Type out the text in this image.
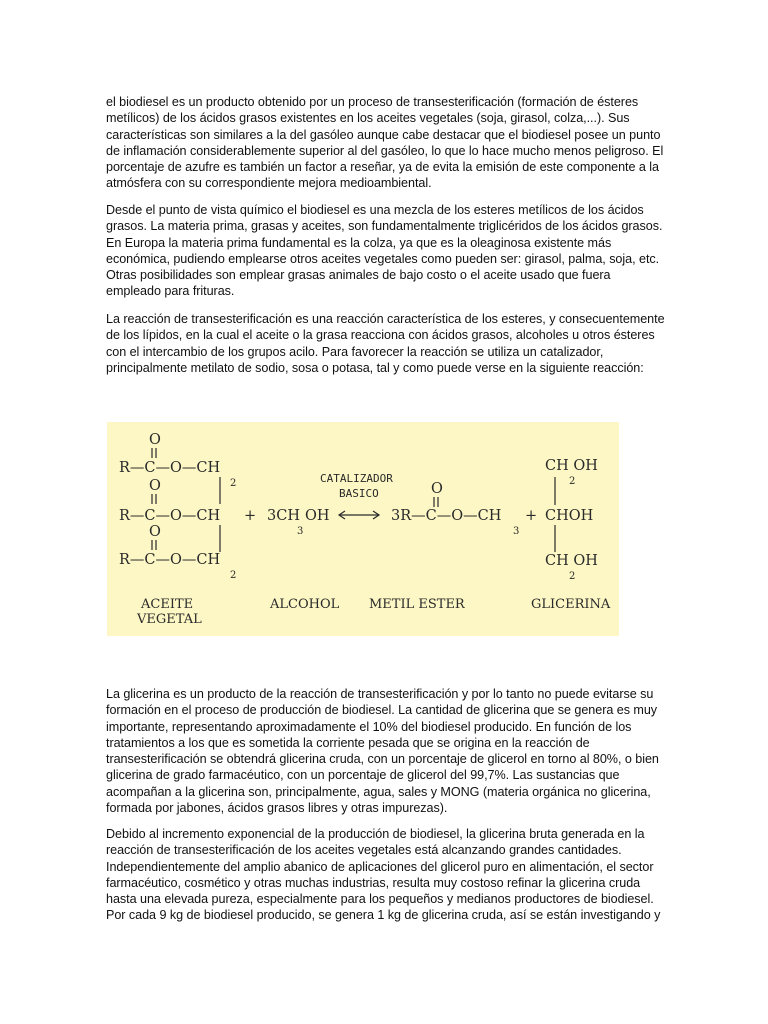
el biodiesel es un producto obtenido por un proceso de transesterificación (formación de ésteres metílicos) de los ácidos grasos existentes en los aceites vegetales (soja, girasol, colza,...). Sus características son similares a la del gasóleo aunque cabe destacar que el biodiesel posee un punto de inflamación considerablemente superior al del gasóleo, lo que lo hace mucho menos peligroso. El porcentaje de azufre es también un factor a reseñar, ya de evita la emisión de este componente a la atmósfera con su correspondiente mejora medioambiental.

Desde el punto de vista químico el biodiesel es una mezcla de los esteres metílicos de los ácidos grasos. La materia prima, grasas y aceites, son fundamentalmente triglicéridos de los ácidos grasos. En Europa la materia prima fundamental es la colza, ya que es la oleaginosa existente más económica, pudiendo emplearse otros aceites vegetales como pueden ser: girasol, palma, soja, etc. Otras posibilidades son emplear grasas animales de bajo costo o el aceite usado que fuera empleado para frituras.

La reacción de transesterificación es una reacción característica de los esteres, y consecuentemente de los lípidos, en la cual el aceite o la grasa reacciona con ácidos grasos, alcoholes u otros ésteres con el intercambio de los grupos acilo. Para favorecer la reacción se utiliza un catalizador, principalmente metilato de sodio, sosa o potasa, tal y como puede verse en la siguiente reacción:

O
R—C—O—CH
2
O
R—C—O—CH
O
R—C—O—CH
2
ACEITE
VEGETAL
+ 3CH OH
3
ALCOHOL
CATALIZADOR
BASICO	O
3R—C—O—CH
3
METIL ESTER
+
CH OH
2
CHOH
CH OH
2
GLICERINA

La glicerina es un producto de la reacción de transesterificación y por lo tanto no puede evitarse su formación en el proceso de producción de biodiesel. La cantidad de glicerina que se genera es muy importante, representando aproximadamente el 10% del biodiesel producido. En función de los tratamientos a los que es sometida la corriente pesada que se origina en la reacción de transesterificación se obtendrá glicerina cruda, con un porcentaje de glicerol en torno al 80%, o bien glicerina de grado farmacéutico, con un porcentaje de glicerol del 99,7%. Las sustancias que acompañan a la glicerina son, principalmente, agua, sales y MONG (materia orgánica no glicerina, formada por jabones, ácidos grasos libres y otras impurezas).

Debido al incremento exponencial de la producción de biodiesel, la glicerina bruta generada en la reacción de transesterificación de los aceites vegetales está alcanzando grandes cantidades. Independientemente del amplio abanico de aplicaciones del glicerol puro en alimentación, el sector farmacéutico, cosmético y otras muchas industrias, resulta muy costoso refinar la glicerina cruda hasta una elevada pureza, especialmente para los pequeños y medianos productores de biodiesel. Por cada 9 kg de biodiesel producido, se genera 1 kg de glicerina cruda, así se están investigando y
